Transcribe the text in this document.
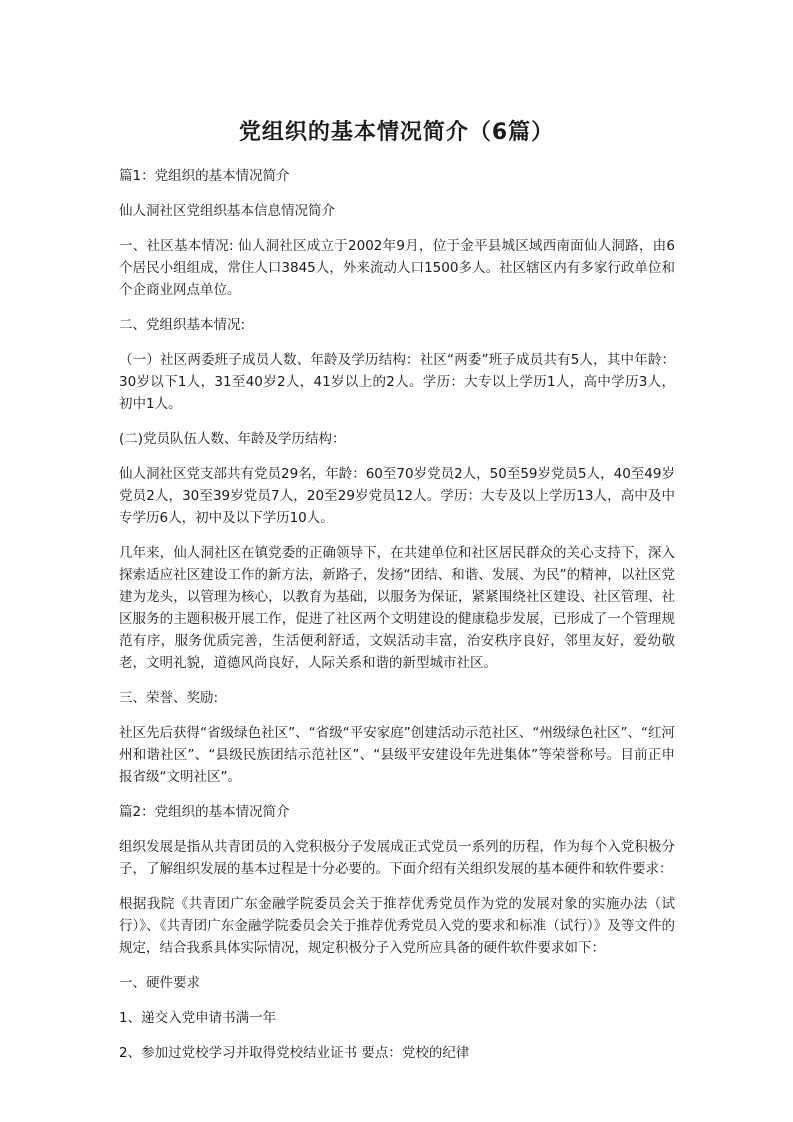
党组织的基本情况简介（6篇）

篇1：党组织的基本情况简介

仙人洞社区党组织基本信息情况简介

一、社区基本情况: 仙人洞社区成立于2002年9月，位于金平县城区域西南面仙人洞路，由6个居民小组组成，常住人口3845人，外来流动人口1500多人。社区辖区内有多家行政单位和个企商业网点单位。

二、党组织基本情况:

（一）社区两委班子成员人数、年龄及学历结构：社区“两委”班子成员共有5人，其中年龄：30岁以下1人，31至40岁2人，41岁以上的2人。学历：大专以上学历1人，高中学历3人，初中1人。

(二)党员队伍人数、年龄及学历结构：

仙人洞社区党支部共有党员29名，年龄：60至70岁党员2人，50至59岁党员5人，40至49岁党员2人，30至39岁党员7人，20至29岁党员12人。学历：大专及以上学历13人，高中及中专学历6人，初中及以下学历10人。

几年来，仙人洞社区在镇党委的正确领导下，在共建单位和社区居民群众的关心支持下，深入探索适应社区建设工作的新方法，新路子，发扬“团结、和谐、发展、为民”的精神，以社区党建为龙头，以管理为核心，以教育为基础，以服务为保证，紧紧围绕社区建设、社区管理、社区服务的主题积极开展工作，促进了社区两个文明建设的健康稳步发展，已形成了一个管理规范有序，服务优质完善，生活便利舒适，文娱活动丰富，治安秩序良好，邻里友好，爱幼敬老，文明礼貌，道德风尚良好，人际关系和谐的新型城市社区。

三、荣誉、奖励:

社区先后获得“省级绿色社区”、“省级“平安家庭”创建活动示范社区、“州级绿色社区”、“红河州和谐社区”、“县级民族团结示范社区”、“县级平安建设年先进集体”等荣誉称号。目前正申报省级“文明社区”。

篇2：党组织的基本情况简介

组织发展是指从共青团员的入党积极分子发展成正式党员一系列的历程，作为每个入党积极分子，了解组织发展的基本过程是十分必要的。下面介绍有关组织发展的基本硬件和软件要求：

根据我院《共青团广东金融学院委员会关于推荐优秀党员作为党的发展对象的实施办法（试行）》、《共青团广东金融学院委员会关于推荐优秀党员入党的要求和标准（试行）》及等文件的规定，结合我系具体实际情况，规定积极分子入党所应具备的硬件软件要求如下：

一、硬件要求

1、递交入党申请书满一年

2、参加过党校学习并取得党校结业证书 要点：党校的纪律
